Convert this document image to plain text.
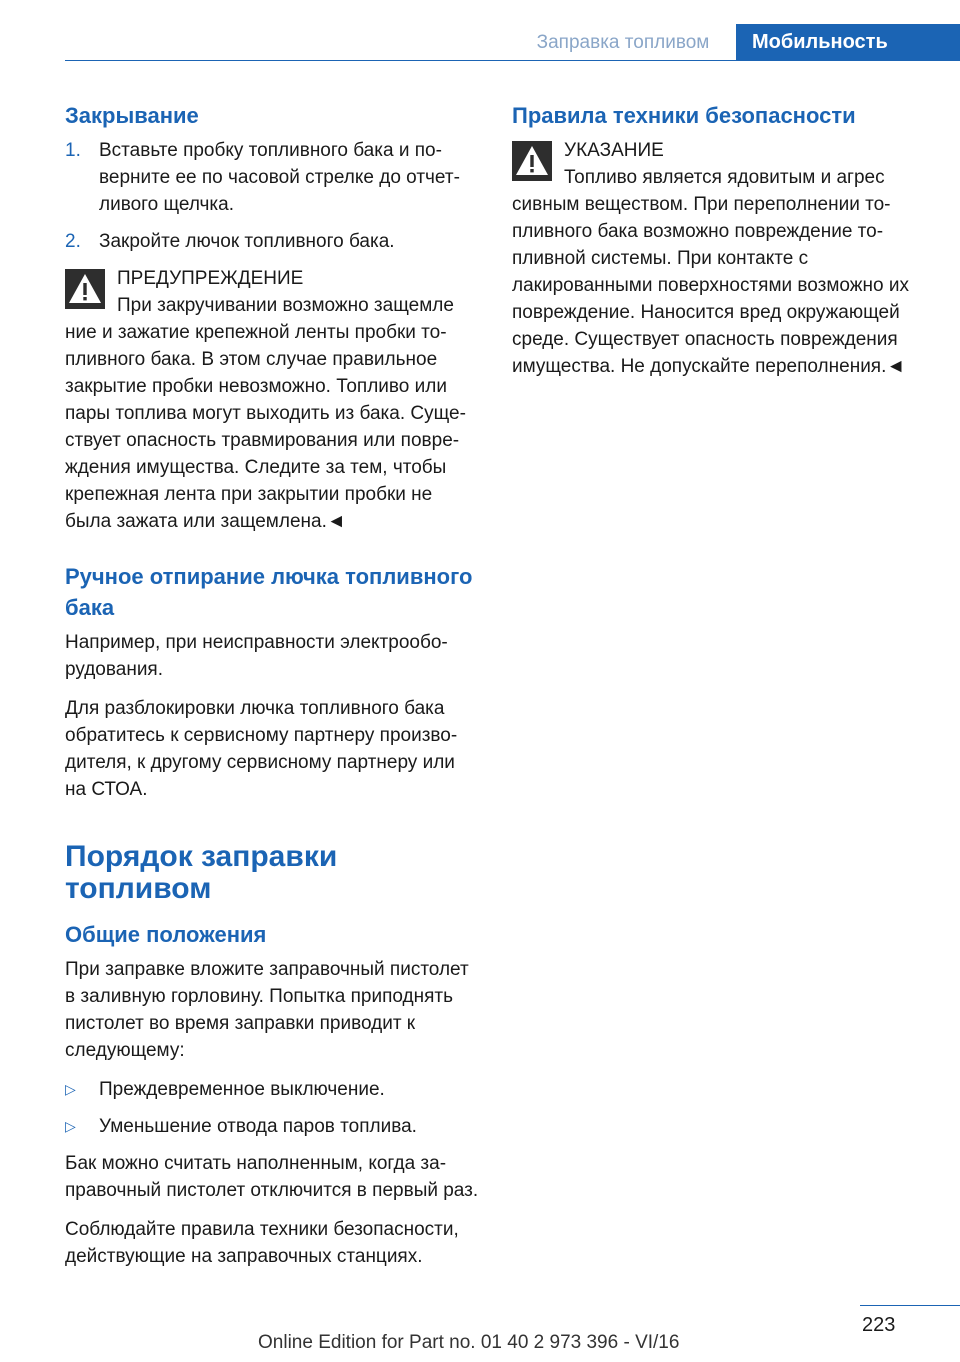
Заправка топливом	Мобильность
Закрывание
1. Вставьте пробку топливного бака и поверните ее по часовой стрелке до отчетливого щелчка.
2. Закройте лючок топливного бака.
ПРЕДУПРЕЖДЕНИЕ
При закручивании возможно защемле
ние и зажатие крепежной ленты пробки топливного бака. В этом случае правильное закрытие пробки невозможно. Топливо или пары топлива могут выходить из бака. Существует опасность травмирования или повреждения имущества. Следите за тем, чтобы крепежная лента при закрытии пробки не была зажата или защемлена.◄
Ручное отпирание лючка топливного бака

Например, при неисправности электрооборудования.

Для разблокировки лючка топливного бака обратитесь к сервисному партнеру производителя, к другому сервисному партнеру или на СТОА.

Порядок заправки топливом
Общие положения

При заправке вложите заправочный пистолет в заливную горловину. Попытка приподнять пистолет во время заправки приводит к следующему:

▷	Преждевременное выключение.
▷	Уменьшение отвода паров топлива.

Бак можно считать наполненным, когда заправочный пистолет отключится в первый раз.

Соблюдайте правила техники безопасности, действующие на заправочных станциях.

Правила техники безопасности
УКАЗАНИЕ
Топливо является ядовитым и агрес
сивным веществом. При переполнении топливного бака возможно повреждение топливной системы. При контакте с лакированными поверхностями возможно их повреждение. Наносится вред окружающей среде. Существует опасность повреждения имущества. Не допускайте переполнения.◄
223
Online Edition for Part no. 01 40 2 973 396 - VI/16
